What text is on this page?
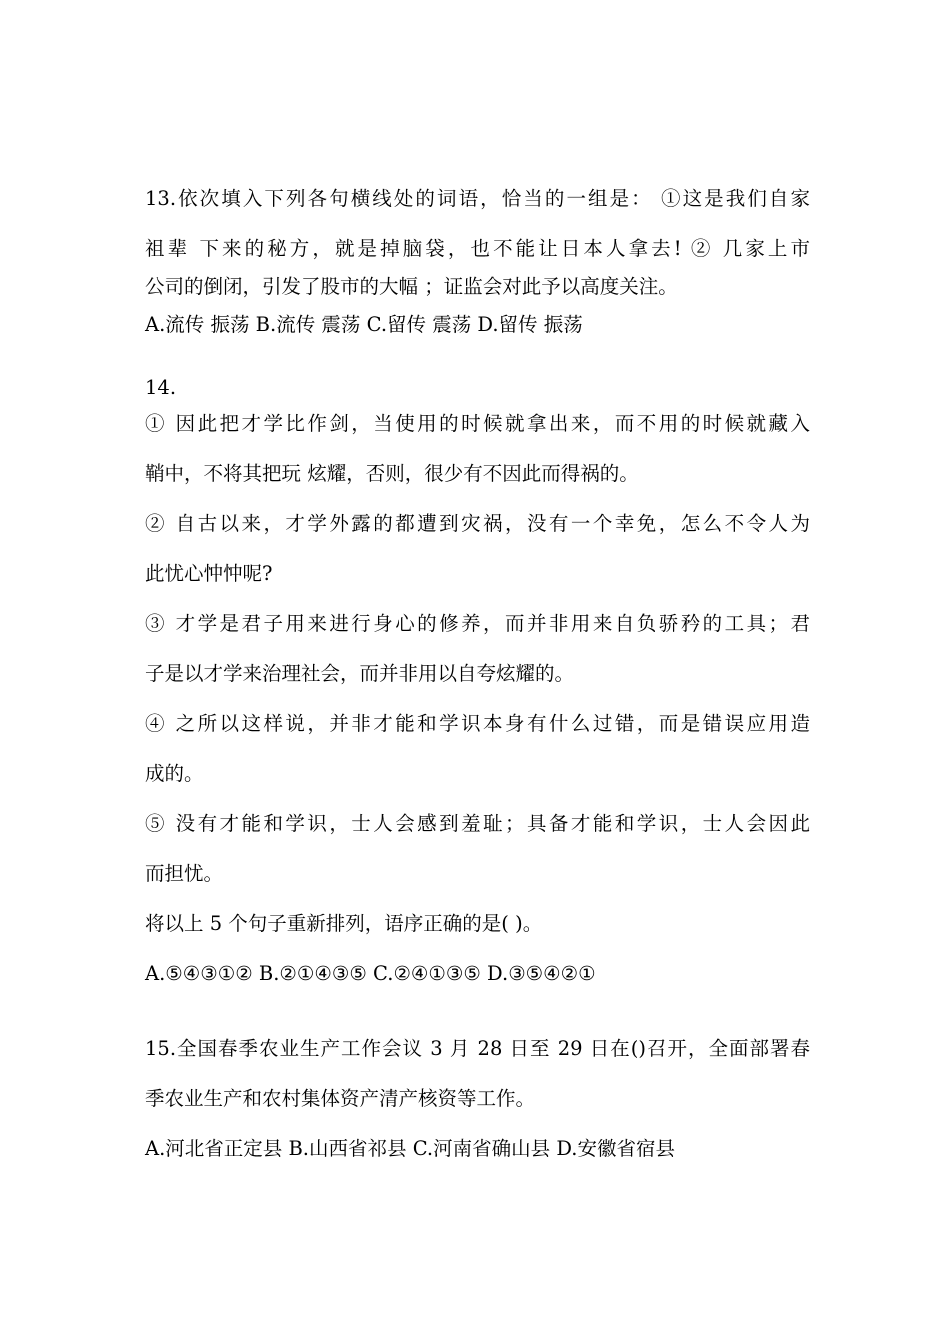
13.依次填入下列各句横线处的词语，恰当的一组是： ①这是我们自家
祖辈 下来的秘方，就是掉脑袋，也不能让日本人拿去! ② 几家上市
公司的倒闭，引发了股市的大幅 ；证监会对此予以高度关注。
A.流传 振荡 B.流传 震荡 C.留传 震荡 D.留传 振荡
14.
① 因此把才学比作剑，当使用的时候就拿出来，而不用的时候就藏入
鞘中，不将其把玩 炫耀，否则，很少有不因此而得祸的。
② 自古以来，才学外露的都遭到灾祸，没有一个幸免，怎么不令人为
此忧心忡忡呢?
③ 才学是君子用来进行身心的修养，而并非用来自负骄矜的工具；君
子是以才学来治理社会，而并非用以自夸炫耀的。
④ 之所以这样说，并非才能和学识本身有什么过错，而是错误应用造
成的。
⑤ 没有才能和学识，士人会感到羞耻；具备才能和学识，士人会因此
而担忧。
将以上 5 个句子重新排列，语序正确的是( )。
A.⑤④③①② B.②①④③⑤ C.②④①③⑤ D.③⑤④②①
15.全国春季农业生产工作会议 3 月 28 日至 29 日在()召开，全面部署春
季农业生产和农村集体资产清产核资等工作。
A.河北省正定县 B.山西省祁县 C.河南省确山县 D.安徽省宿县
